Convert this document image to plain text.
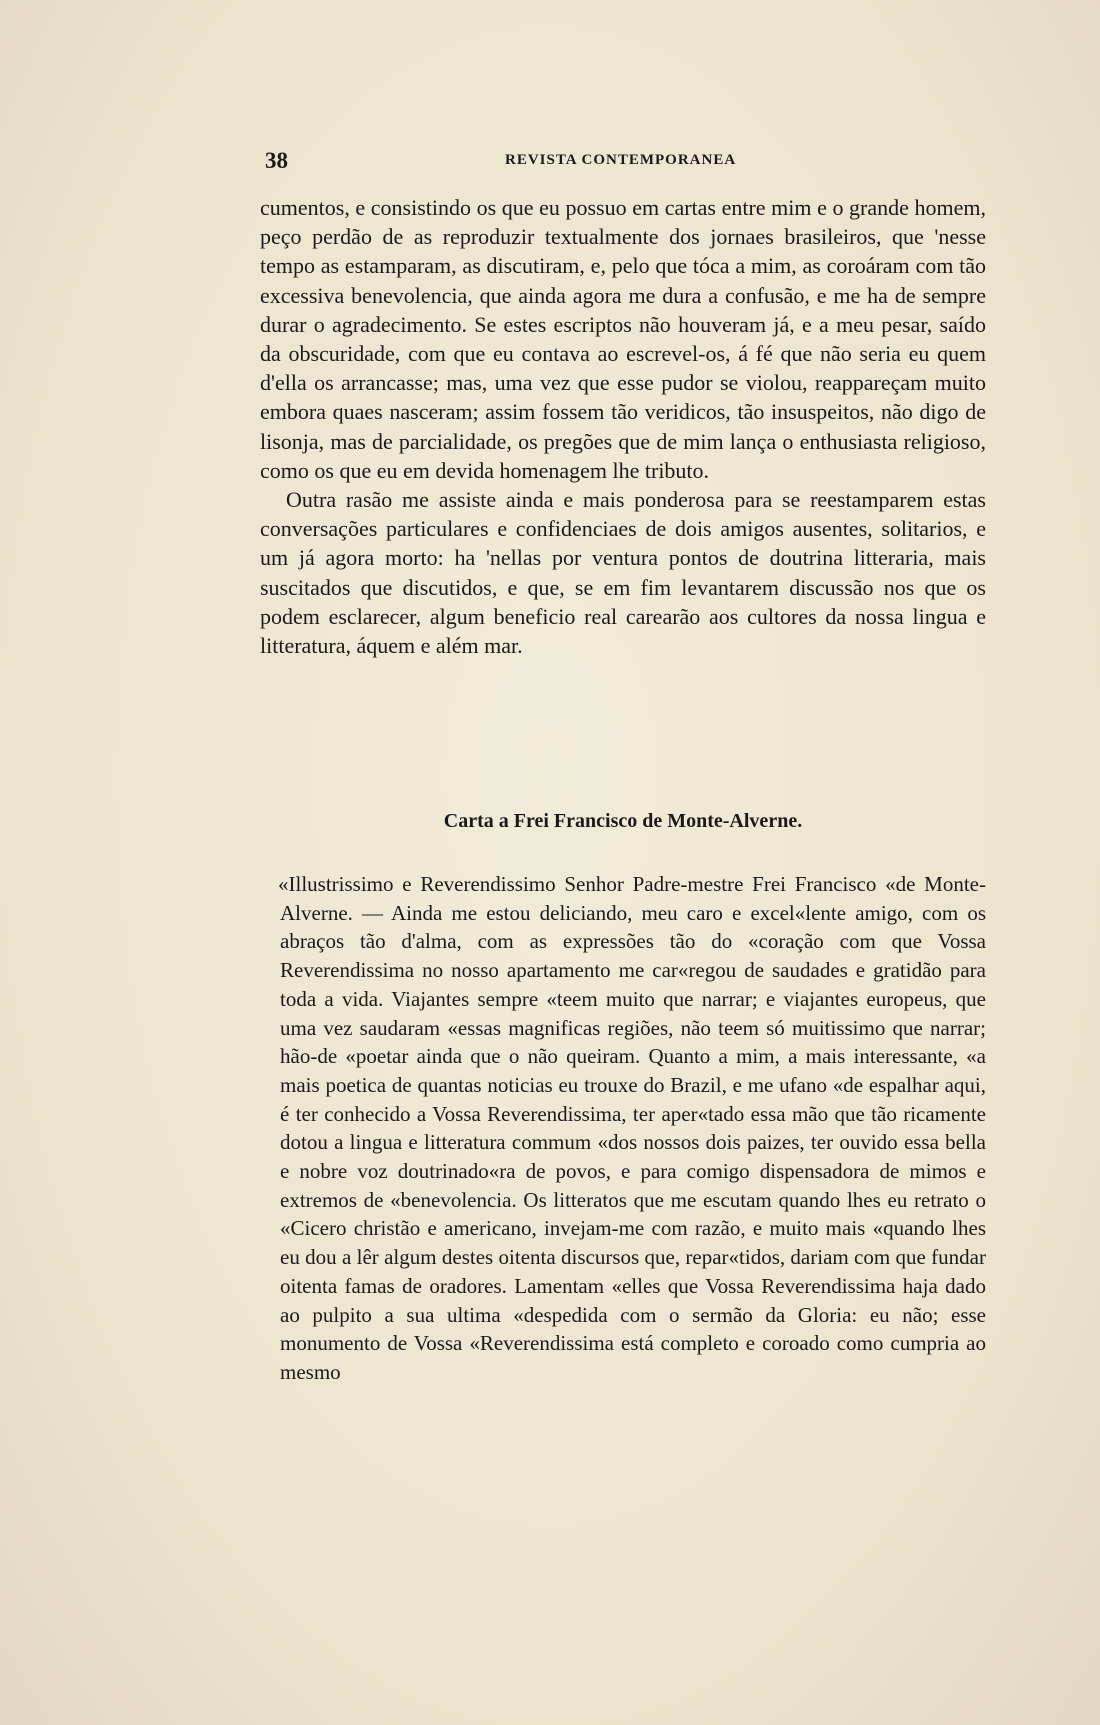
38	REVISTA CONTEMPORANEA

cumentos, e consistindo os que eu possuo em cartas entre mim e o grande homem, peço perdão de as reproduzir textualmente dos jornaes brasileiros, que 'nesse tempo as estamparam, as discutiram, e, pelo que tóca a mim, as coroáram com tão excessiva benevolencia, que ainda agora me dura a confusão, e me ha de sempre durar o agradecimento. Se estes escriptos não houveram já, e a meu pesar, saído da obscuridade, com que eu contava ao escrevel-os, á fé que não seria eu quem d'ella os arrancasse; mas, uma vez que esse pudor se violou, reappareçam muito embora quaes nasceram; assim fossem tão veridicos, tão insuspeitos, não digo de lisonja, mas de parcialidade, os pregões que de mim lança o enthusiasta religioso, como os que eu em devida homenagem lhe tributo.

Outra rasão me assiste ainda e mais ponderosa para se reestamparem estas conversações particulares e confidenciaes de dois amigos ausentes, solitarios, e um já agora morto: ha 'nellas por ventura pontos de doutrina litteraria, mais suscitados que discutidos, e que, se em fim levantarem discussão nos que os podem esclarecer, algum beneficio real carearão aos cultores da nossa lingua e litteratura, áquem e além mar.

Carta a Frei Francisco de Monte-Alverne.

«Illustrissimo e Reverendissimo Senhor Padre-mestre Frei Francisco «de Monte-Alverne. — Ainda me estou deliciando, meu caro e excel«lente amigo, com os abraços tão d'alma, com as expressões tão do «coração com que Vossa Reverendissima no nosso apartamento me car«regou de saudades e gratidão para toda a vida. Viajantes sempre «teem muito que narrar; e viajantes europeus, que uma vez saudaram «essas magnificas regiões, não teem só muitissimo que narrar; hão-de «poetar ainda que o não queiram. Quanto a mim, a mais interessante, «a mais poetica de quantas noticias eu trouxe do Brazil, e me ufano «de espalhar aqui, é ter conhecido a Vossa Reverendissima, ter aper«tado essa mão que tão ricamente dotou a lingua e litteratura commum «dos nossos dois paizes, ter ouvido essa bella e nobre voz doutrinado«ra de povos, e para comigo dispensadora de mimos e extremos de «benevolencia. Os litteratos que me escutam quando lhes eu retrato o «Cicero christão e americano, invejam-me com razão, e muito mais «quando lhes eu dou a lêr algum destes oitenta discursos que, repar«tidos, dariam com que fundar oitenta famas de oradores. Lamentam «elles que Vossa Reverendissima haja dado ao pulpito a sua ultima «despedida com o sermão da Gloria: eu não; esse monumento de Vossa «Reverendissima está completo e coroado como cumpria ao mesmo
